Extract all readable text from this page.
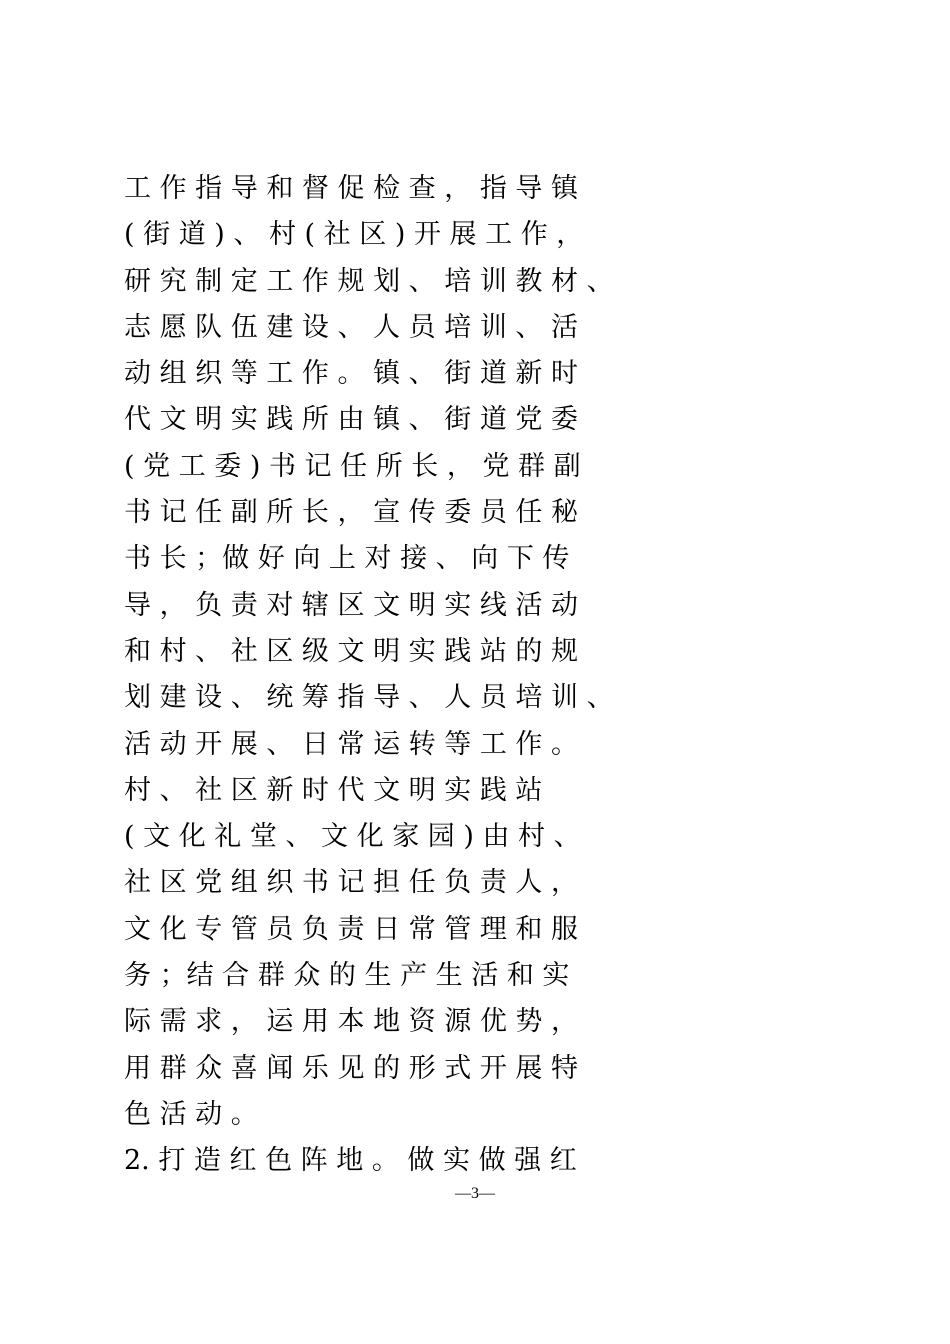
工 作 指 导 和 督 促 检 查 ， 指 导 镇
( 街 道 ) 、 村 ( 社 区 ) 开 展 工 作 ，
研 究 制 定 工 作 规 划 、 培 训 教 材 、
志 愿 队 伍 建 设 、 人 员 培 训 、 活
动 组 织 等 工 作 。 镇 、 街 道 新 时
代 文 明 实 践 所 由 镇 、 街 道 党 委
( 党 工 委 ) 书 记 任 所 长 ， 党 群 副
书 记 任 副 所 长 ， 宣 传 委 员 任 秘
书 长 ；做 好 向 上 对 接 、 向 下 传
导 ， 负 责 对 辖 区 文 明 实 线 活 动
和 村 、 社 区 级 文 明 实 践 站 的 规
划 建 设 、 统 筹 指 导 、 人 员 培 训 、
活 动 开 展 、 日 常 运 转 等 工 作 。
村 、 社 区 新 时 代 文 明 实 践 站
( 文 化 礼 堂 、 文 化 家 园 ) 由 村 、
社 区 党 组 织 书 记 担 任 负 责 人 ，
文 化 专 管 员 负 责 日 常 管 理 和 服
务 ；结 合 群 众 的 生 产 生 活 和 实
际 需 求 ， 运 用 本 地 资 源 优 势 ，
用 群 众 喜 闻 乐 见 的 形 式 开 展 特
色 活 动 。
2. 打 造 红 色 阵 地 。 做 实 做 强 红
—3—
